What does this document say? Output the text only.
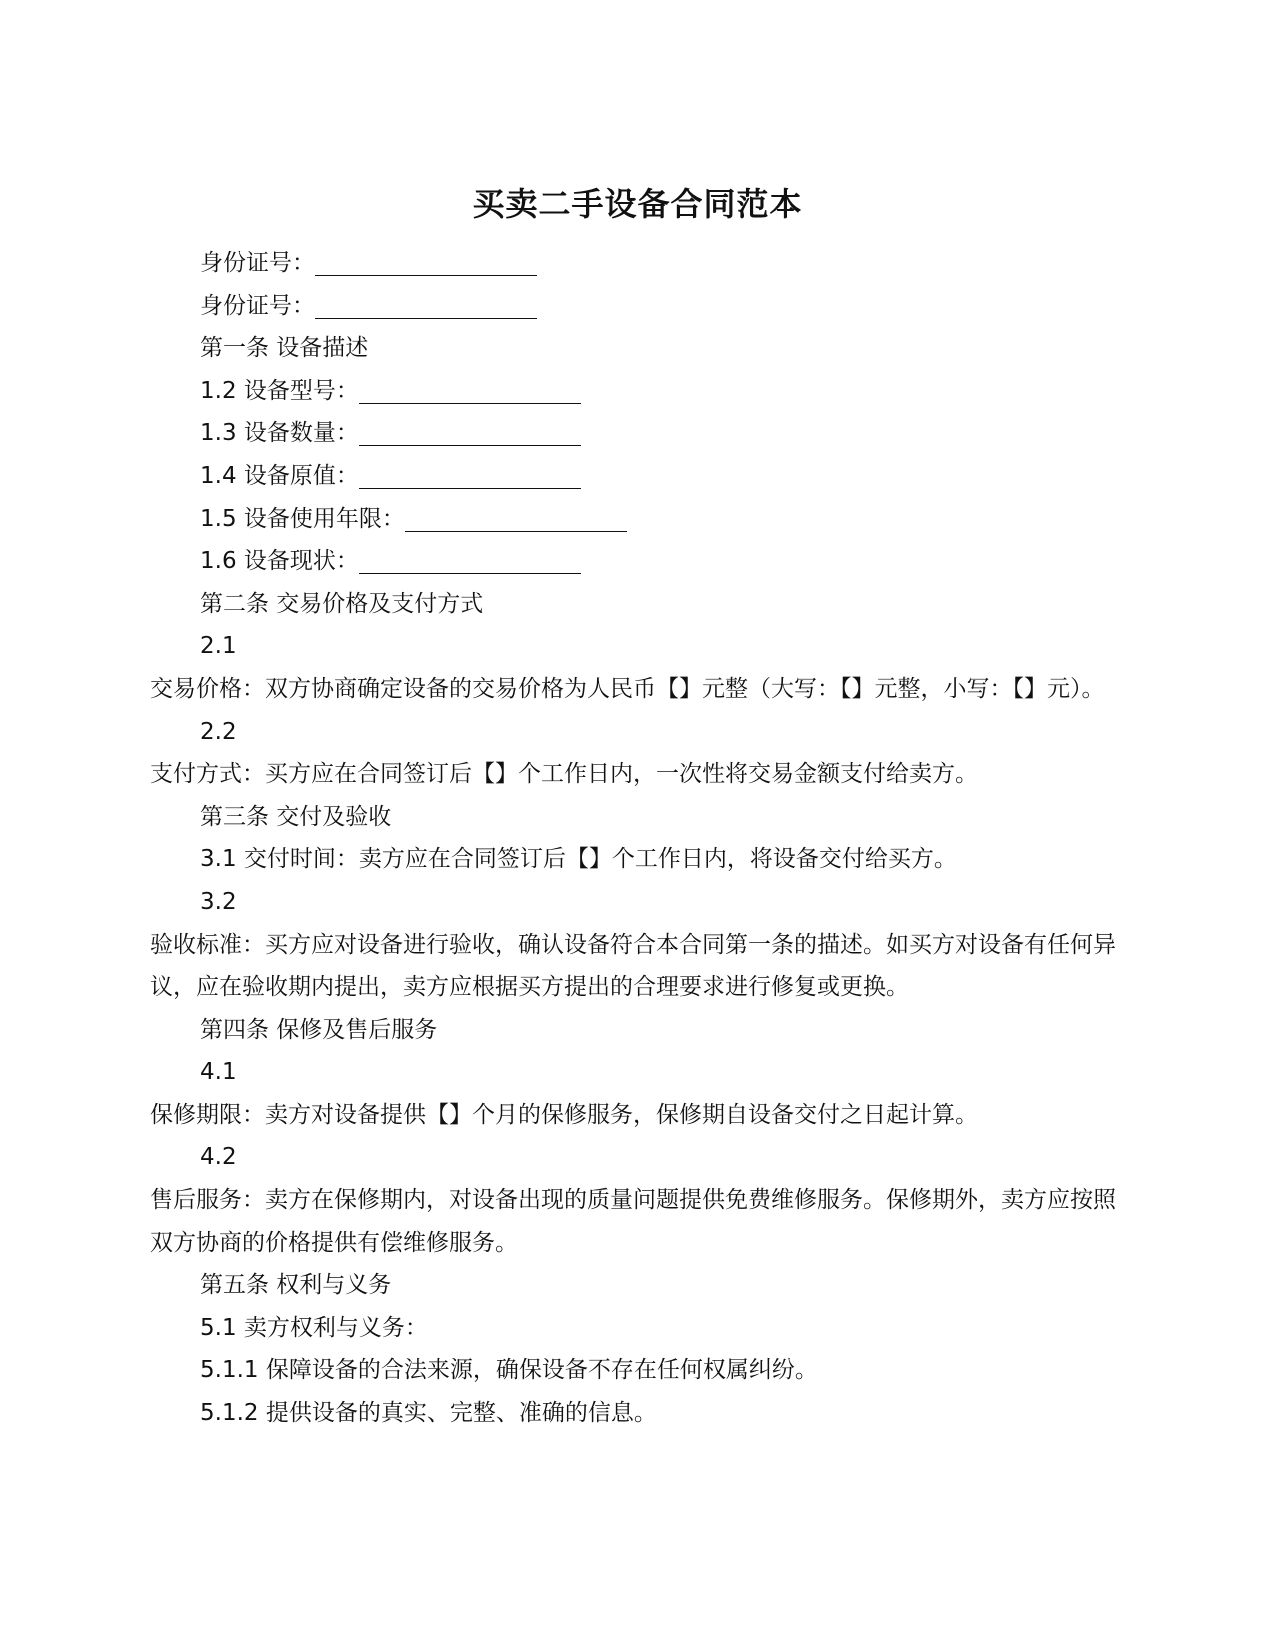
买卖二手设备合同范本
身份证号：
身份证号：
第一条 设备描述
1.2 设备型号：
1.3 设备数量：
1.4 设备原值：
1.5 设备使用年限：
1.6 设备现状：
第二条 交易价格及支付方式
2.1
交易价格：双方协商确定设备的交易价格为人民币【】元整（大写：【】元整，小写：【】元）。
2.2
支付方式：买方应在合同签订后【】个工作日内，一次性将交易金额支付给卖方。
第三条 交付及验收
3.1 交付时间：卖方应在合同签订后【】个工作日内，将设备交付给买方。
3.2
验收标准：买方应对设备进行验收，确认设备符合本合同第一条的描述。如买方对设备有任何异议，应在验收期内提出，卖方应根据买方提出的合理要求进行修复或更换。
第四条 保修及售后服务
4.1
保修期限：卖方对设备提供【】个月的保修服务，保修期自设备交付之日起计算。
4.2
售后服务：卖方在保修期内，对设备出现的质量问题提供免费维修服务。保修期外，卖方应按照双方协商的价格提供有偿维修服务。
第五条 权利与义务
5.1 卖方权利与义务：
5.1.1 保障设备的合法来源，确保设备不存在任何权属纠纷。
5.1.2 提供设备的真实、完整、准确的信息。
